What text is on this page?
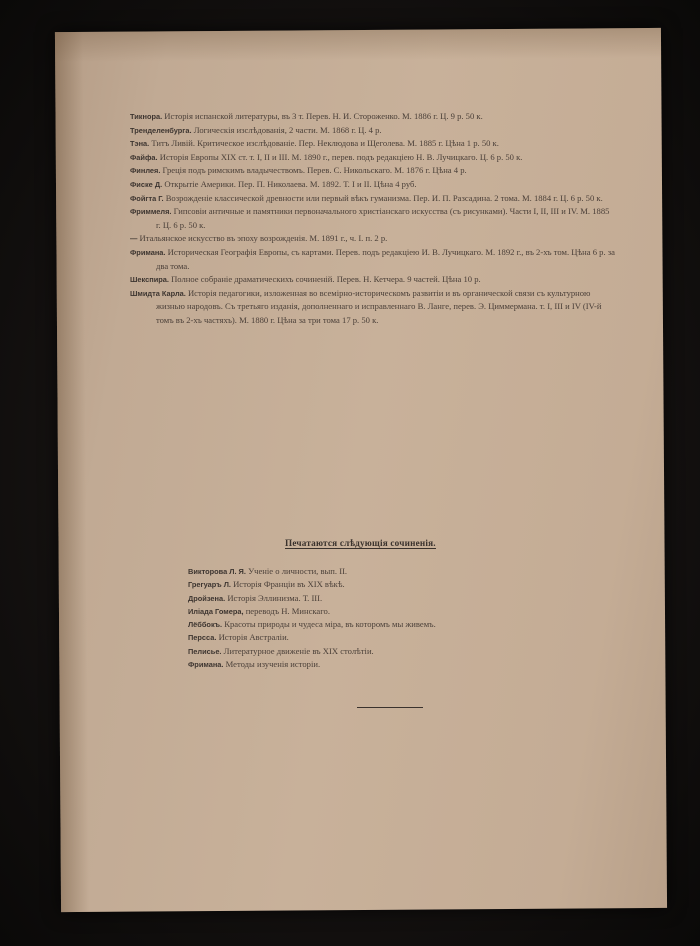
Тикнора. Исторія испанской литературы, въ 3 т. Перев. Н. И. Стороженко. М. 1886 г. Ц. 9 р. 50 к.
Тренделенбурга. Логическія изслѣдованія, 2 части. М. 1868 г. Ц. 4 р.
Тэна. Титъ Ливій. Критическое изслѣдованіе. Пер. Неклюдова и Щеголева. М. 1885 г. Цѣна 1 р. 50 к.
Файфа. Исторія Европы XIX ст. т. I, II и III. М. 1890 г., перев. подъ редакціею Н. В. Лучицкаго. Ц. 6 р. 50 к.
Финлея. Греція подъ римскимъ владычествомъ. Перев. С. Никольскаго. М. 1876 г. Цѣна 4 р.
Фиске Д. Открытіе Америки. Пер. П. Николаева. М. 1892. Т. I и II. Цѣна 4 руб.
Фойгта Г. Возрожденіе классической древности или первый вѣкъ гуманизма. Пер. И. П. Разсадина. 2 тома. М. 1884 г. Ц. 6 р. 50 к.
Фриммеля. Гипсовіи античные и памятники первоначального христіанскаго искусства (съ рисунками). Части I, II, III и IV. М. 1885 г. Ц. 6 р. 50 к.
— Итальянское искусство въ эпоху возрожденія. М. 1891 г., ч. I. п. 2 р.
Фримана. Историческая Географія Европы, съ картами. Перев. подъ редакціею И. В. Лучицкаго. М. 1892 г., въ 2-хъ том. Цѣна 6 р. за два тома.
Шекспира. Полное собраніе драматическихъ сочиненій. Перев. Н. Кетчера. 9 частей. Цѣна 10 р.
Шмидта Карла. Исторія педагогики, изложенная во всемірно-историческомъ развитіи и въ органической связи съ культурною жизнью народовъ. Съ третьяго изданія, дополненнаго и исправленнаго В. Ланге, перев. Э. Циммермана. т. I, III и IV (IV-й томъ въ 2-хъ частяхъ). М. 1880 г. Цѣна за три тома 17 р. 50 к.
Печатаются слѣдующія сочиненія.
Викторова Л. Я. Ученіе о личности, вып. II.
Грегуаръ Л. Исторія Франціи въ XIX вѣкѣ.
Дройзена. Исторія Эллинизма. Т. III.
Иліада Гомера, переводъ Н. Минскаго.
Лёббокъ. Красоты природы и чудеса міра, въ которомъ мы живемъ.
Персса. Исторія Австраліи.
Пелисье. Литературное движеніе въ XIX столѣтіи.
Фримана. Методы изученія исторіи.
